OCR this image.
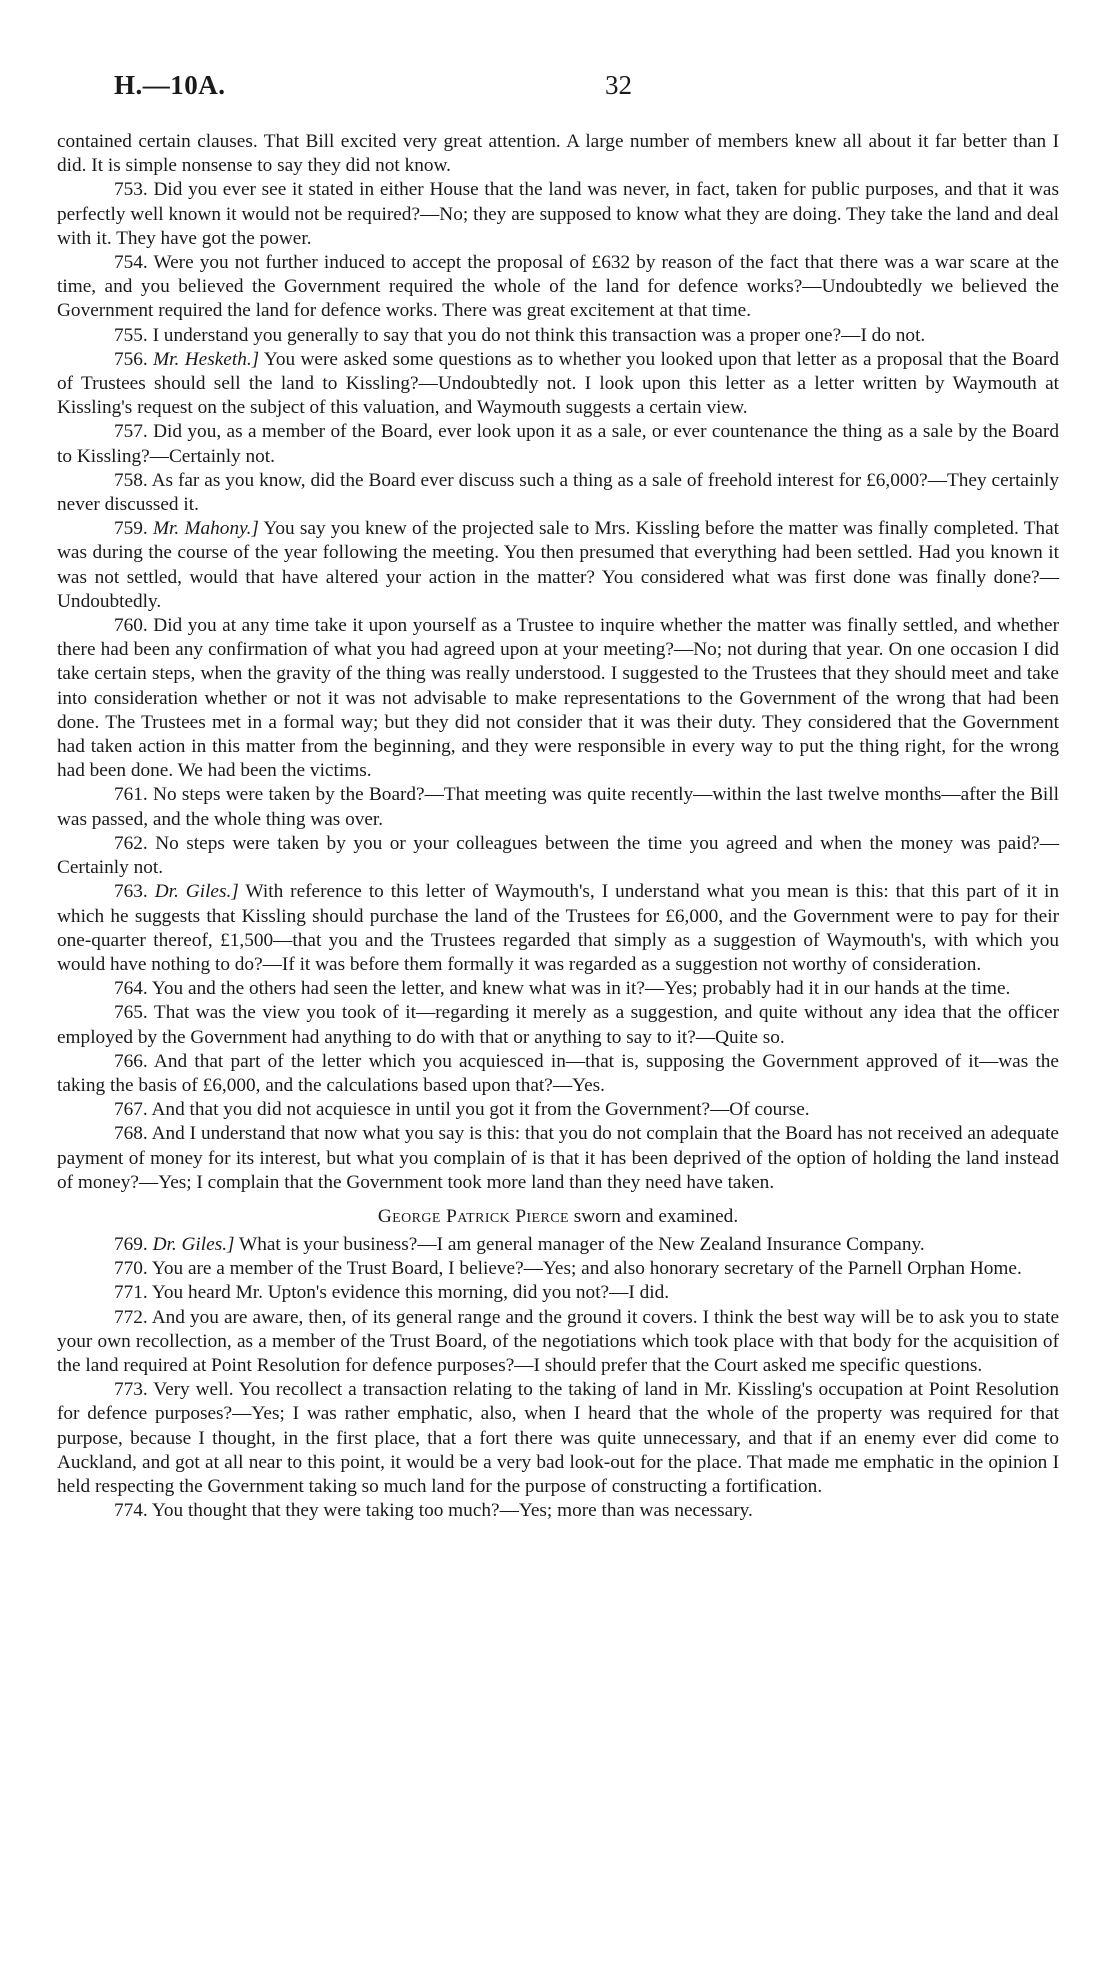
H.—10A.	32

contained certain clauses. That Bill excited very great attention. A large number of members knew all about it far better than I did. It is simple nonsense to say they did not know.

753. Did you ever see it stated in either House that the land was never, in fact, taken for public purposes, and that it was perfectly well known it would not be required?—No; they are supposed to know what they are doing. They take the land and deal with it. They have got the power.

754. Were you not further induced to accept the proposal of £632 by reason of the fact that there was a war scare at the time, and you believed the Government required the whole of the land for defence works?—Undoubtedly we believed the Government required the land for defence works. There was great excitement at that time.

755. I understand you generally to say that you do not think this transaction was a proper one?—I do not.

756. Mr. Hesketh.] You were asked some questions as to whether you looked upon that letter as a proposal that the Board of Trustees should sell the land to Kissling?—Undoubtedly not. I look upon this letter as a letter written by Waymouth at Kissling's request on the subject of this valuation, and Waymouth suggests a certain view.

757. Did you, as a member of the Board, ever look upon it as a sale, or ever countenance the thing as a sale by the Board to Kissling?—Certainly not.

758. As far as you know, did the Board ever discuss such a thing as a sale of freehold interest for £6,000?—They certainly never discussed it.

759. Mr. Mahony.] You say you knew of the projected sale to Mrs. Kissling before the matter was finally completed. That was during the course of the year following the meeting. You then presumed that everything had been settled. Had you known it was not settled, would that have altered your action in the matter? You considered what was first done was finally done?—Undoubtedly.

760. Did you at any time take it upon yourself as a Trustee to inquire whether the matter was finally settled, and whether there had been any confirmation of what you had agreed upon at your meeting?—No; not during that year. On one occasion I did take certain steps, when the gravity of the thing was really understood. I suggested to the Trustees that they should meet and take into consideration whether or not it was not advisable to make representations to the Government of the wrong that had been done. The Trustees met in a formal way; but they did not consider that it was their duty. They considered that the Government had taken action in this matter from the beginning, and they were responsible in every way to put the thing right, for the wrong had been done. We had been the victims.

761. No steps were taken by the Board?—That meeting was quite recently—within the last twelve months—after the Bill was passed, and the whole thing was over.

762. No steps were taken by you or your colleagues between the time you agreed and when the money was paid?—Certainly not.

763. Dr. Giles.] With reference to this letter of Waymouth's, I understand what you mean is this: that this part of it in which he suggests that Kissling should purchase the land of the Trustees for £6,000, and the Government were to pay for their one-quarter thereof, £1,500—that you and the Trustees regarded that simply as a suggestion of Waymouth's, with which you would have nothing to do?—If it was before them formally it was regarded as a suggestion not worthy of consideration.

764. You and the others had seen the letter, and knew what was in it?—Yes; probably had it in our hands at the time.

765. That was the view you took of it—regarding it merely as a suggestion, and quite without any idea that the officer employed by the Government had anything to do with that or anything to say to it?—Quite so.

766. And that part of the letter which you acquiesced in—that is, supposing the Government approved of it—was the taking the basis of £6,000, and the calculations based upon that?—Yes.

767. And that you did not acquiesce in until you got it from the Government?—Of course.

768. And I understand that now what you say is this: that you do not complain that the Board has not received an adequate payment of money for its interest, but what you complain of is that it has been deprived of the option of holding the land instead of money?—Yes; I complain that the Government took more land than they need have taken.

George Patrick Pierce sworn and examined.

769. Dr. Giles.] What is your business?—I am general manager of the New Zealand Insurance Company.

770. You are a member of the Trust Board, I believe?—Yes; and also honorary secretary of the Parnell Orphan Home.

771. You heard Mr. Upton's evidence this morning, did you not?—I did.

772. And you are aware, then, of its general range and the ground it covers. I think the best way will be to ask you to state your own recollection, as a member of the Trust Board, of the negotiations which took place with that body for the acquisition of the land required at Point Resolution for defence purposes?—I should prefer that the Court asked me specific questions.

773. Very well. You recollect a transaction relating to the taking of land in Mr. Kissling's occupation at Point Resolution for defence purposes?—Yes; I was rather emphatic, also, when I heard that the whole of the property was required for that purpose, because I thought, in the first place, that a fort there was quite unnecessary, and that if an enemy ever did come to Auckland, and got at all near to this point, it would be a very bad look-out for the place. That made me emphatic in the opinion I held respecting the Government taking so much land for the purpose of constructing a fortification.

774. You thought that they were taking too much?—Yes; more than was necessary.
